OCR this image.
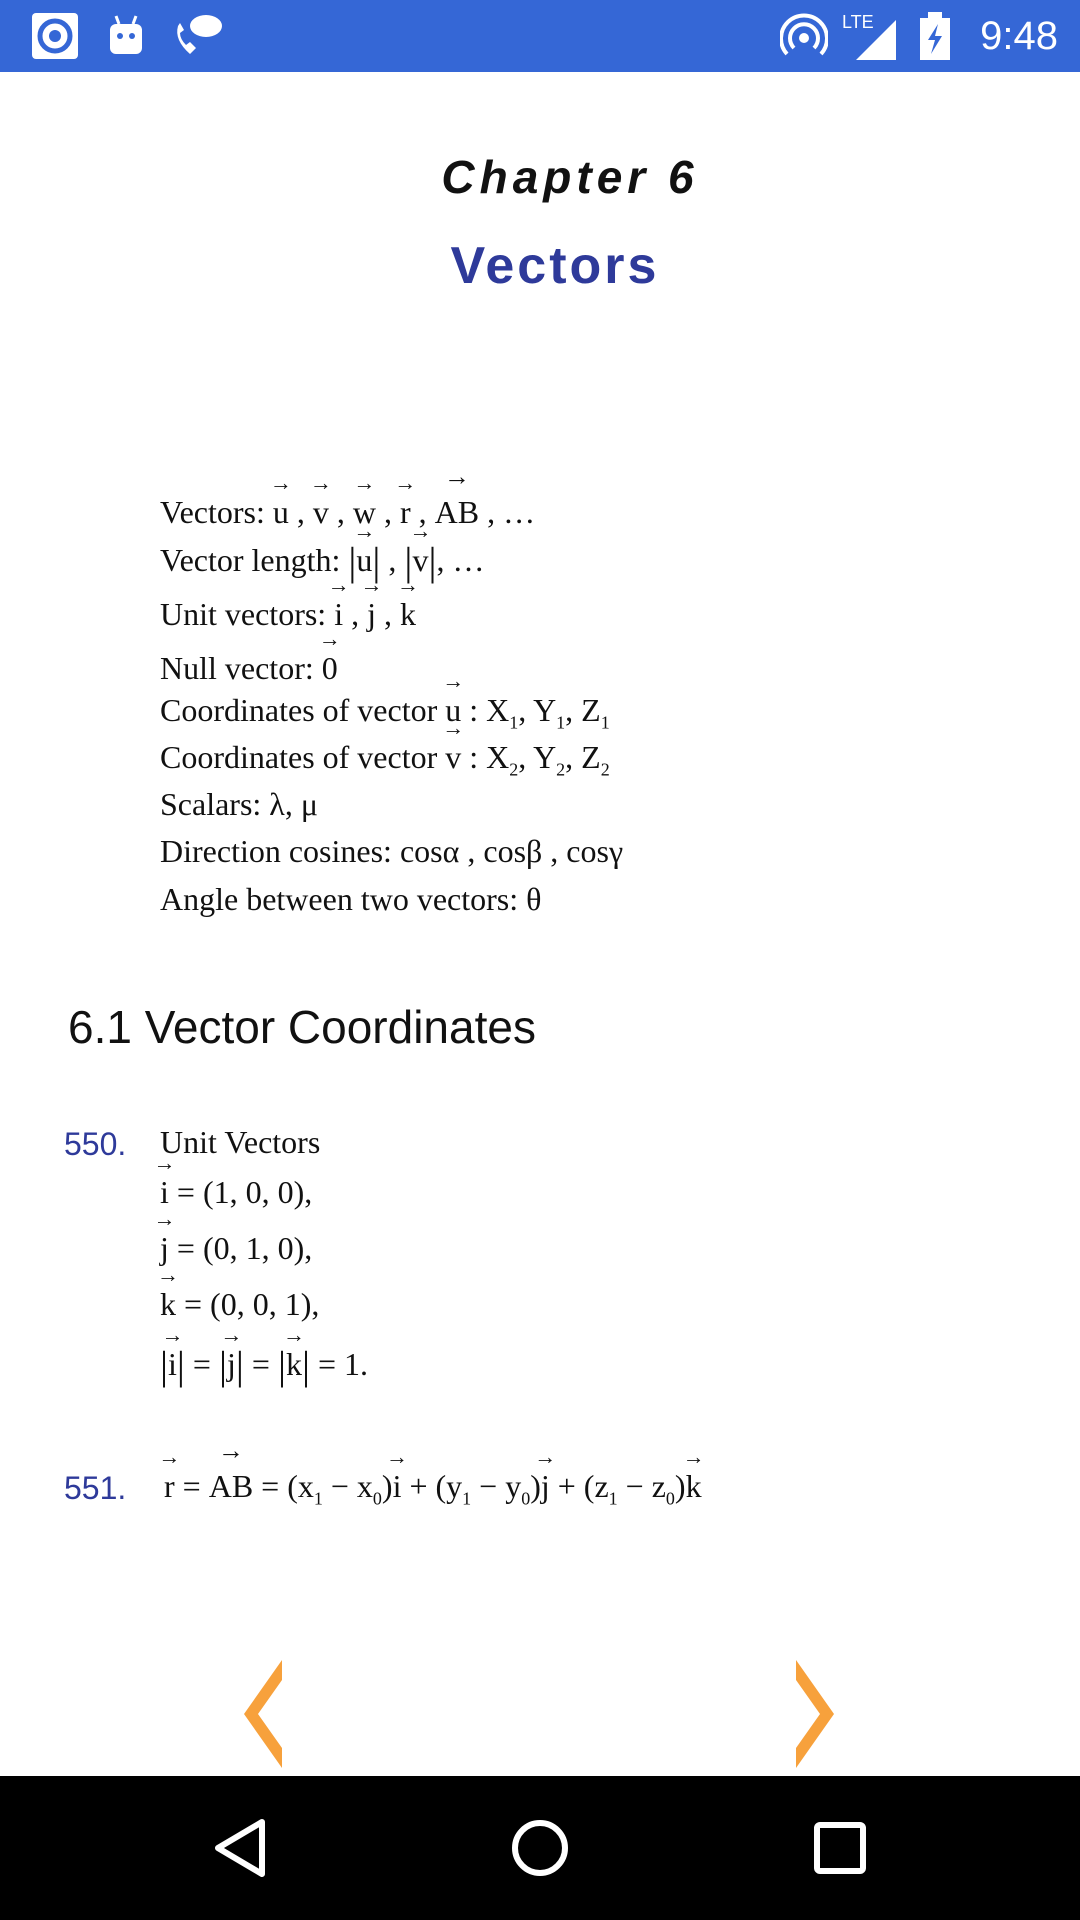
LTE	9:48
Chapter 6
Vectors
Vectors: → u , → v , → w , → r , → AB , …
Vector length: |→ u| , |→ v|, …
Unit vectors: → i , → j , → k
Null vector: → 0
Coordinates of vector → u : $X_1$, $Y_1$, $Z_1$
Coordinates of vector → v : $X_2$, $Y_2$, $Z_2$
Scalars: λ, μ
Direction cosines: cosα , cosβ , cosγ
Angle between two vectors: θ
6.1 Vector Coordinates
550. Unit Vectors
→ i = (1, 0, 0),
→ j = (0, 1, 0),
→ k = (0, 0, 1),
|→ i| = |→ j| = |→ k| = 1.
551. → r = → AB = $(x_1 - x_0)\to i + (y_1 - y_0)\to j + (z_1 - z_0)\to k$
